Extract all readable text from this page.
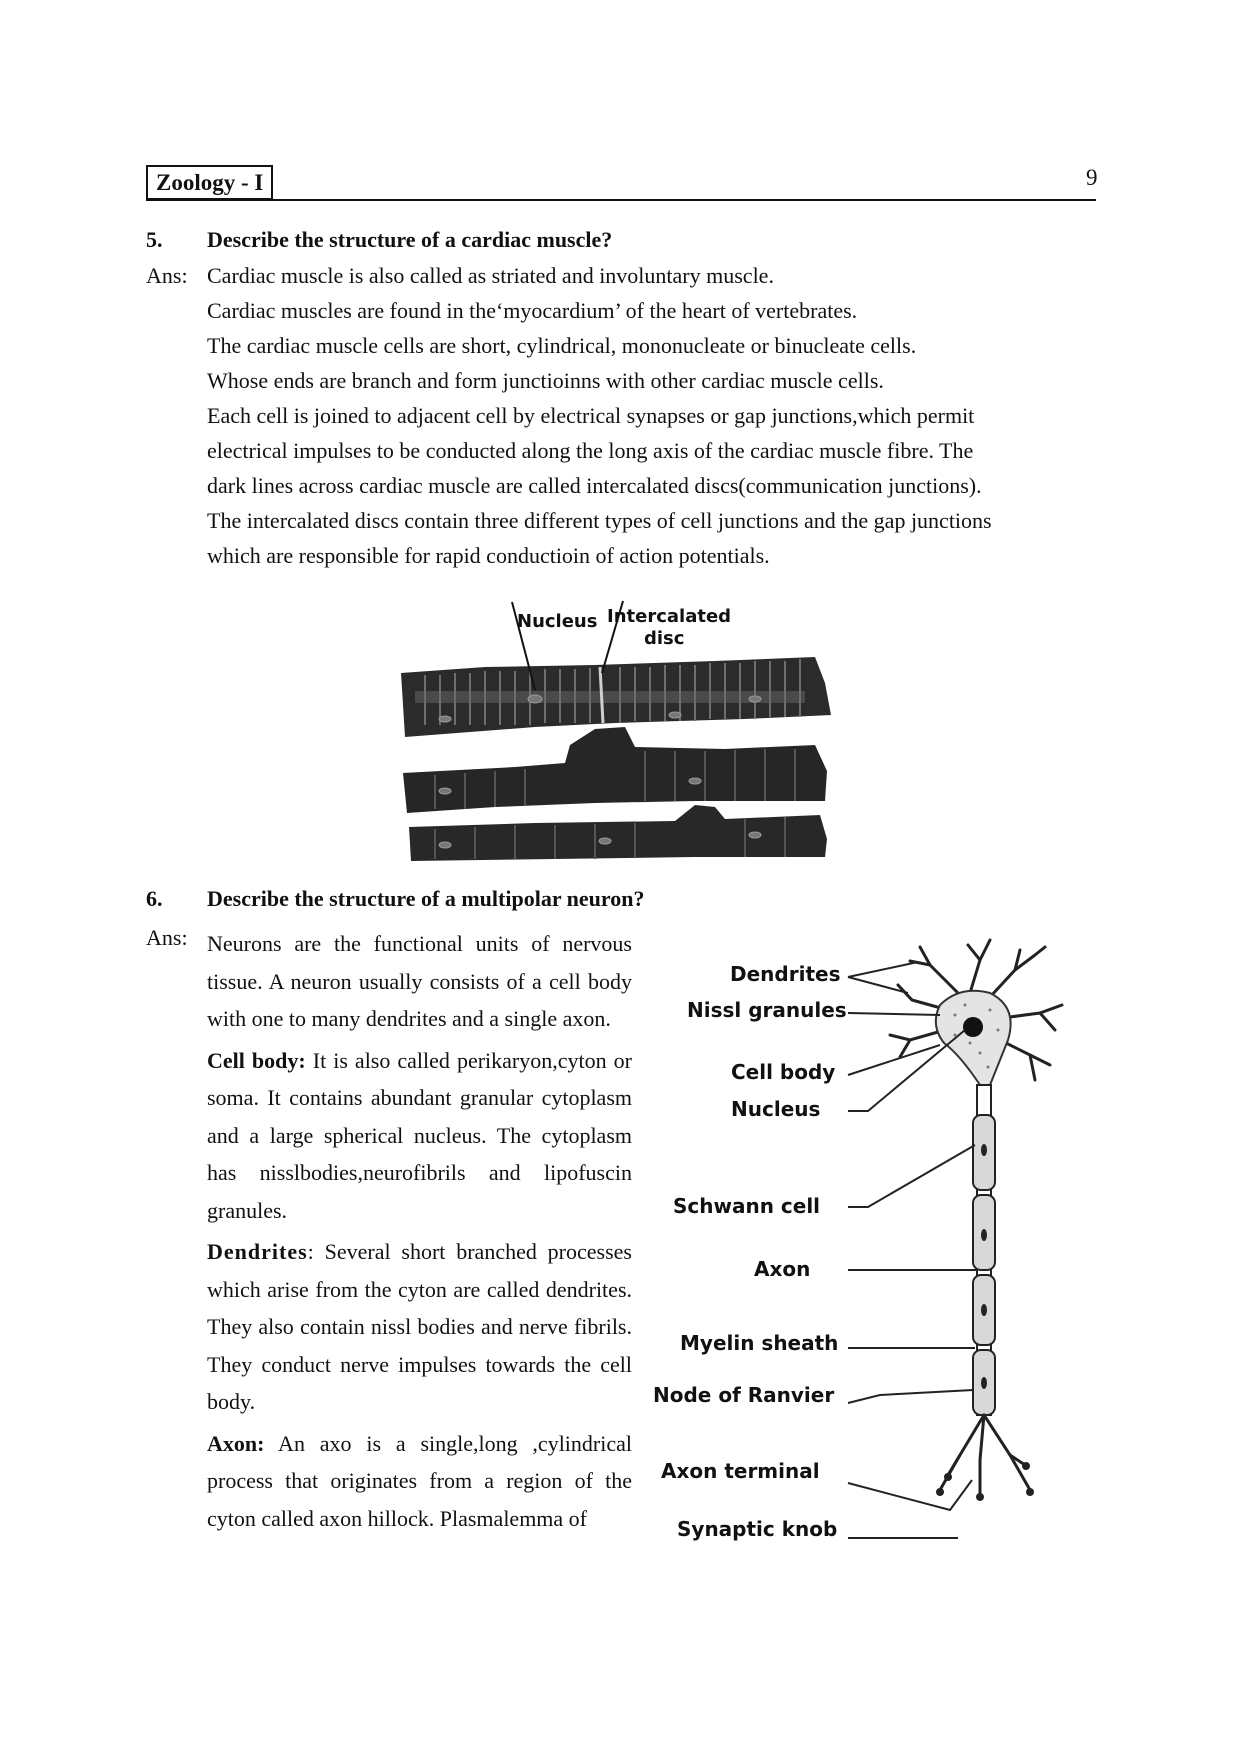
Zoology - I	9
5. Describe the structure of a cardiac muscle?
Ans: Cardiac muscle is also called as striated and involuntary muscle.
Cardiac muscles are found in the‘myocardium’ of the heart of vertebrates.
The cardiac muscle cells are short, cylindrical, mononucleate or binucleate cells.
Whose ends are branch and form junctioinns with other cardiac muscle cells.
Each cell is joined to adjacent cell by electrical synapses or gap junctions,which permit
electrical impulses to be conducted along the long axis of the cardiac muscle fibre. The
dark lines across cardiac muscle are called intercalated discs(communication junctions).
The intercalated discs contain three different types of cell junctions and the gap junctions
which are responsible for rapid conductioin of action potentials.
Nucleus Intercalated
disc
6. Describe the structure of a multipolar neuron?
Ans: Neurons are the functional units of nervous tissue. A neuron usually consists of a cell body with one to many dendrites and a single axon.

Cell body: It is also called perikaryon,cyton or soma. It contains abundant granular cytoplasm and a large spherical nucleus. The cytoplasm has nisslbodies,neurofibrils and lipofuscin granules.

Dendrites: Several short branched processes which arise from the cyton are called dendrites. They also contain nissl bodies and nerve fibrils. They conduct nerve impulses towards the cell body.

Axon: An axo is a single,long ,cylindrical process that originates from a region of the cyton called axon hillock. Plasmalemma of

Dendrites
Nissl granules
Cell body
Nucleus
Schwann cell
Axon
Myelin sheath
Node of Ranvier
Axon terminal
Synaptic knob
